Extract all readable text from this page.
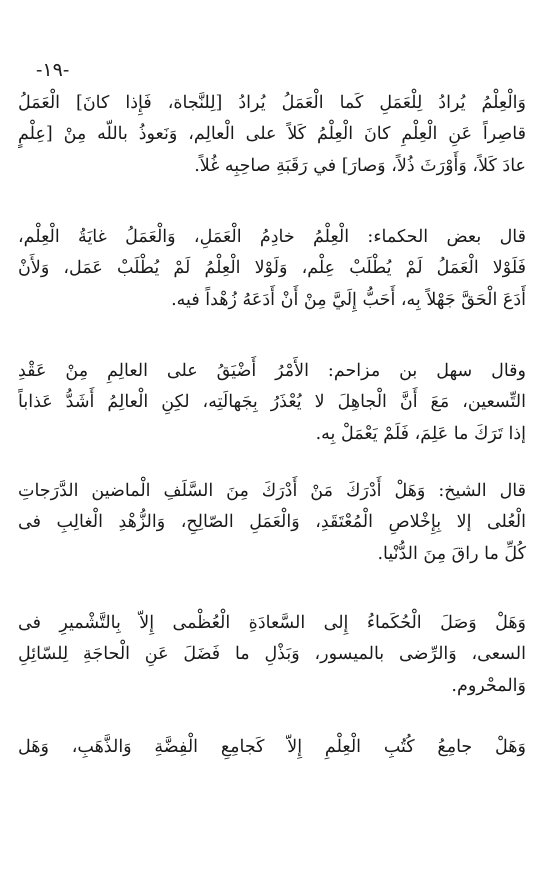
-١٩-
وَالْعِلْمُ يُرادُ لِلْعَمَلِ كَما الْعَمَلُ يُرادُ [لِلنَّجاة، فَإِذا كانَ] الْعَمَلُ
قاصِراً عَنِ الْعِلْمِ كانَ الْعِلْمُ كَلاً على الْعالِم، وَنَعوذُ باللّه مِنْ [عِلْمٍ
عادَ كَلاً، وَأَوْرَثَ ذُلاً، وَصارَ] في رَقَبَةِ صاحِبِه غُلاً.
قال بعض الحكماء: الْعِلْمُ خادِمُ الْعَمَلِ، وَالْعَمَلُ غايَةُ الْعِلْم،
فَلَوْلا الْعَمَلُ لَمْ يُطْلَبْ عِلْم، وَلَوْلا الْعِلْمُ لَمْ يُطْلَبْ عَمَل، وَلأَنْ
أَدَعَ الْحَقَّ جَهْلاً بِه، أَحَبُّ إِلَيَّ مِنْ أَنْ أَدَعَهُ زُهْداً فيه.
وقال سهل بن مزاحم: الأَمْرُ أَضْيَقُ على العالِمِ مِنْ عَقْدِ
التِّسعين، مَعَ أَنَّ الْجاهِلَ لا يُعْذَرُ بِجَهالَتِه، لكِنِ الْعالِمُ أَشَدُّ عَذاباً
إذا تَرَكَ ما عَلِمَ، فَلَمْ يَعْمَلْ بِه.
قال الشيخ: وَهَلْ أَدْرَكَ مَنْ أَدْرَكَ مِنَ السَّلَفِ الْماضين الدَّرَجاتِ
الْعُلى إلا بِإِخْلاصِ الْمُعْتَقَدِ، وَالْعَمَلِ الصّالِحِ، وَالزُّهْدِ الْغالِبِ فى
كُلِّ ما راقَ مِنَ الدُّنْيا.
وَهَلْ وَصَلَ الْحُكَماءُ إِلى السَّعادَةِ الْعُظْمى إِلاّ بِالتَّشْميرِ فى
السعى، وَالرِّضى بالميسور، وَبَذْلِ ما فَضَلَ عَنِ الْحاجَةِ لِلسّائِلِ
وَالمحْروم.
وَهَلْ جامِعُ كُتُبِ الْعِلْمِ إِلاّ كَجامِعِ الْفِضَّةِ وَالذَّهَبِ، وَهَل
